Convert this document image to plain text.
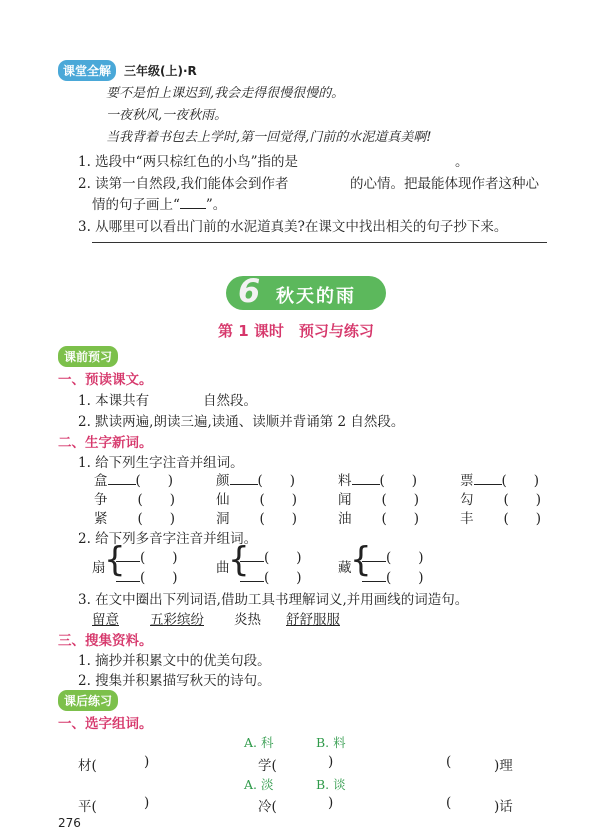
课堂全解	三年级(上)·R
要不是怕上课迟到,我会走得很慢很慢的。
一夜秋风,一夜秋雨。
当我背着书包去上学时,第一回觉得,门前的水泥道真美啊!
1. 选段中“两只棕红色的小鸟”指的是	。
2. 读第一自然段,我们能体会到作者	的心情。把最能体现作者这种心
情的句子画上“ ”。
3. 从哪里可以看出门前的水泥道真美?在课文中找出相关的句子抄下来。
6 秋天的雨
第 1 课时　预习与练习
课前预习
一、预读课文。
1. 本课共有	自然段。
2. 默读两遍,朗读三遍,读通、读顺并背诵第 2 自然段。
二、生字新词。
1. 给下列生字注音并组词。
盒 (　　)	颜 (　　)	料 (　　)	票 (　　)
争 (　　)	仙 (　　)	闻 (　　)	勾 (　　)
紧 (　　)	洞 (　　)	油 (　　)	丰 (　　)
2. 给下列多音字注音并组词。
扇
{	(　　)
(　　)
曲
{	(　　)
(　　)
藏
{	(　　)
(　　)
3. 在文中圈出下列词语,借助工具书理解词义,并用画线的词造句。
留意 五彩缤纷 炎热 舒舒服服
三、搜集资料。
1. 摘抄并积累文中的优美句段。
2. 搜集并积累描写秋天的诗句。
课后练习
一、选字组词。
A. 科	B. 料
材(	)	学(	)	(	)理
A. 淡	B. 谈
平(	)	冷(	)	(	)话
276
